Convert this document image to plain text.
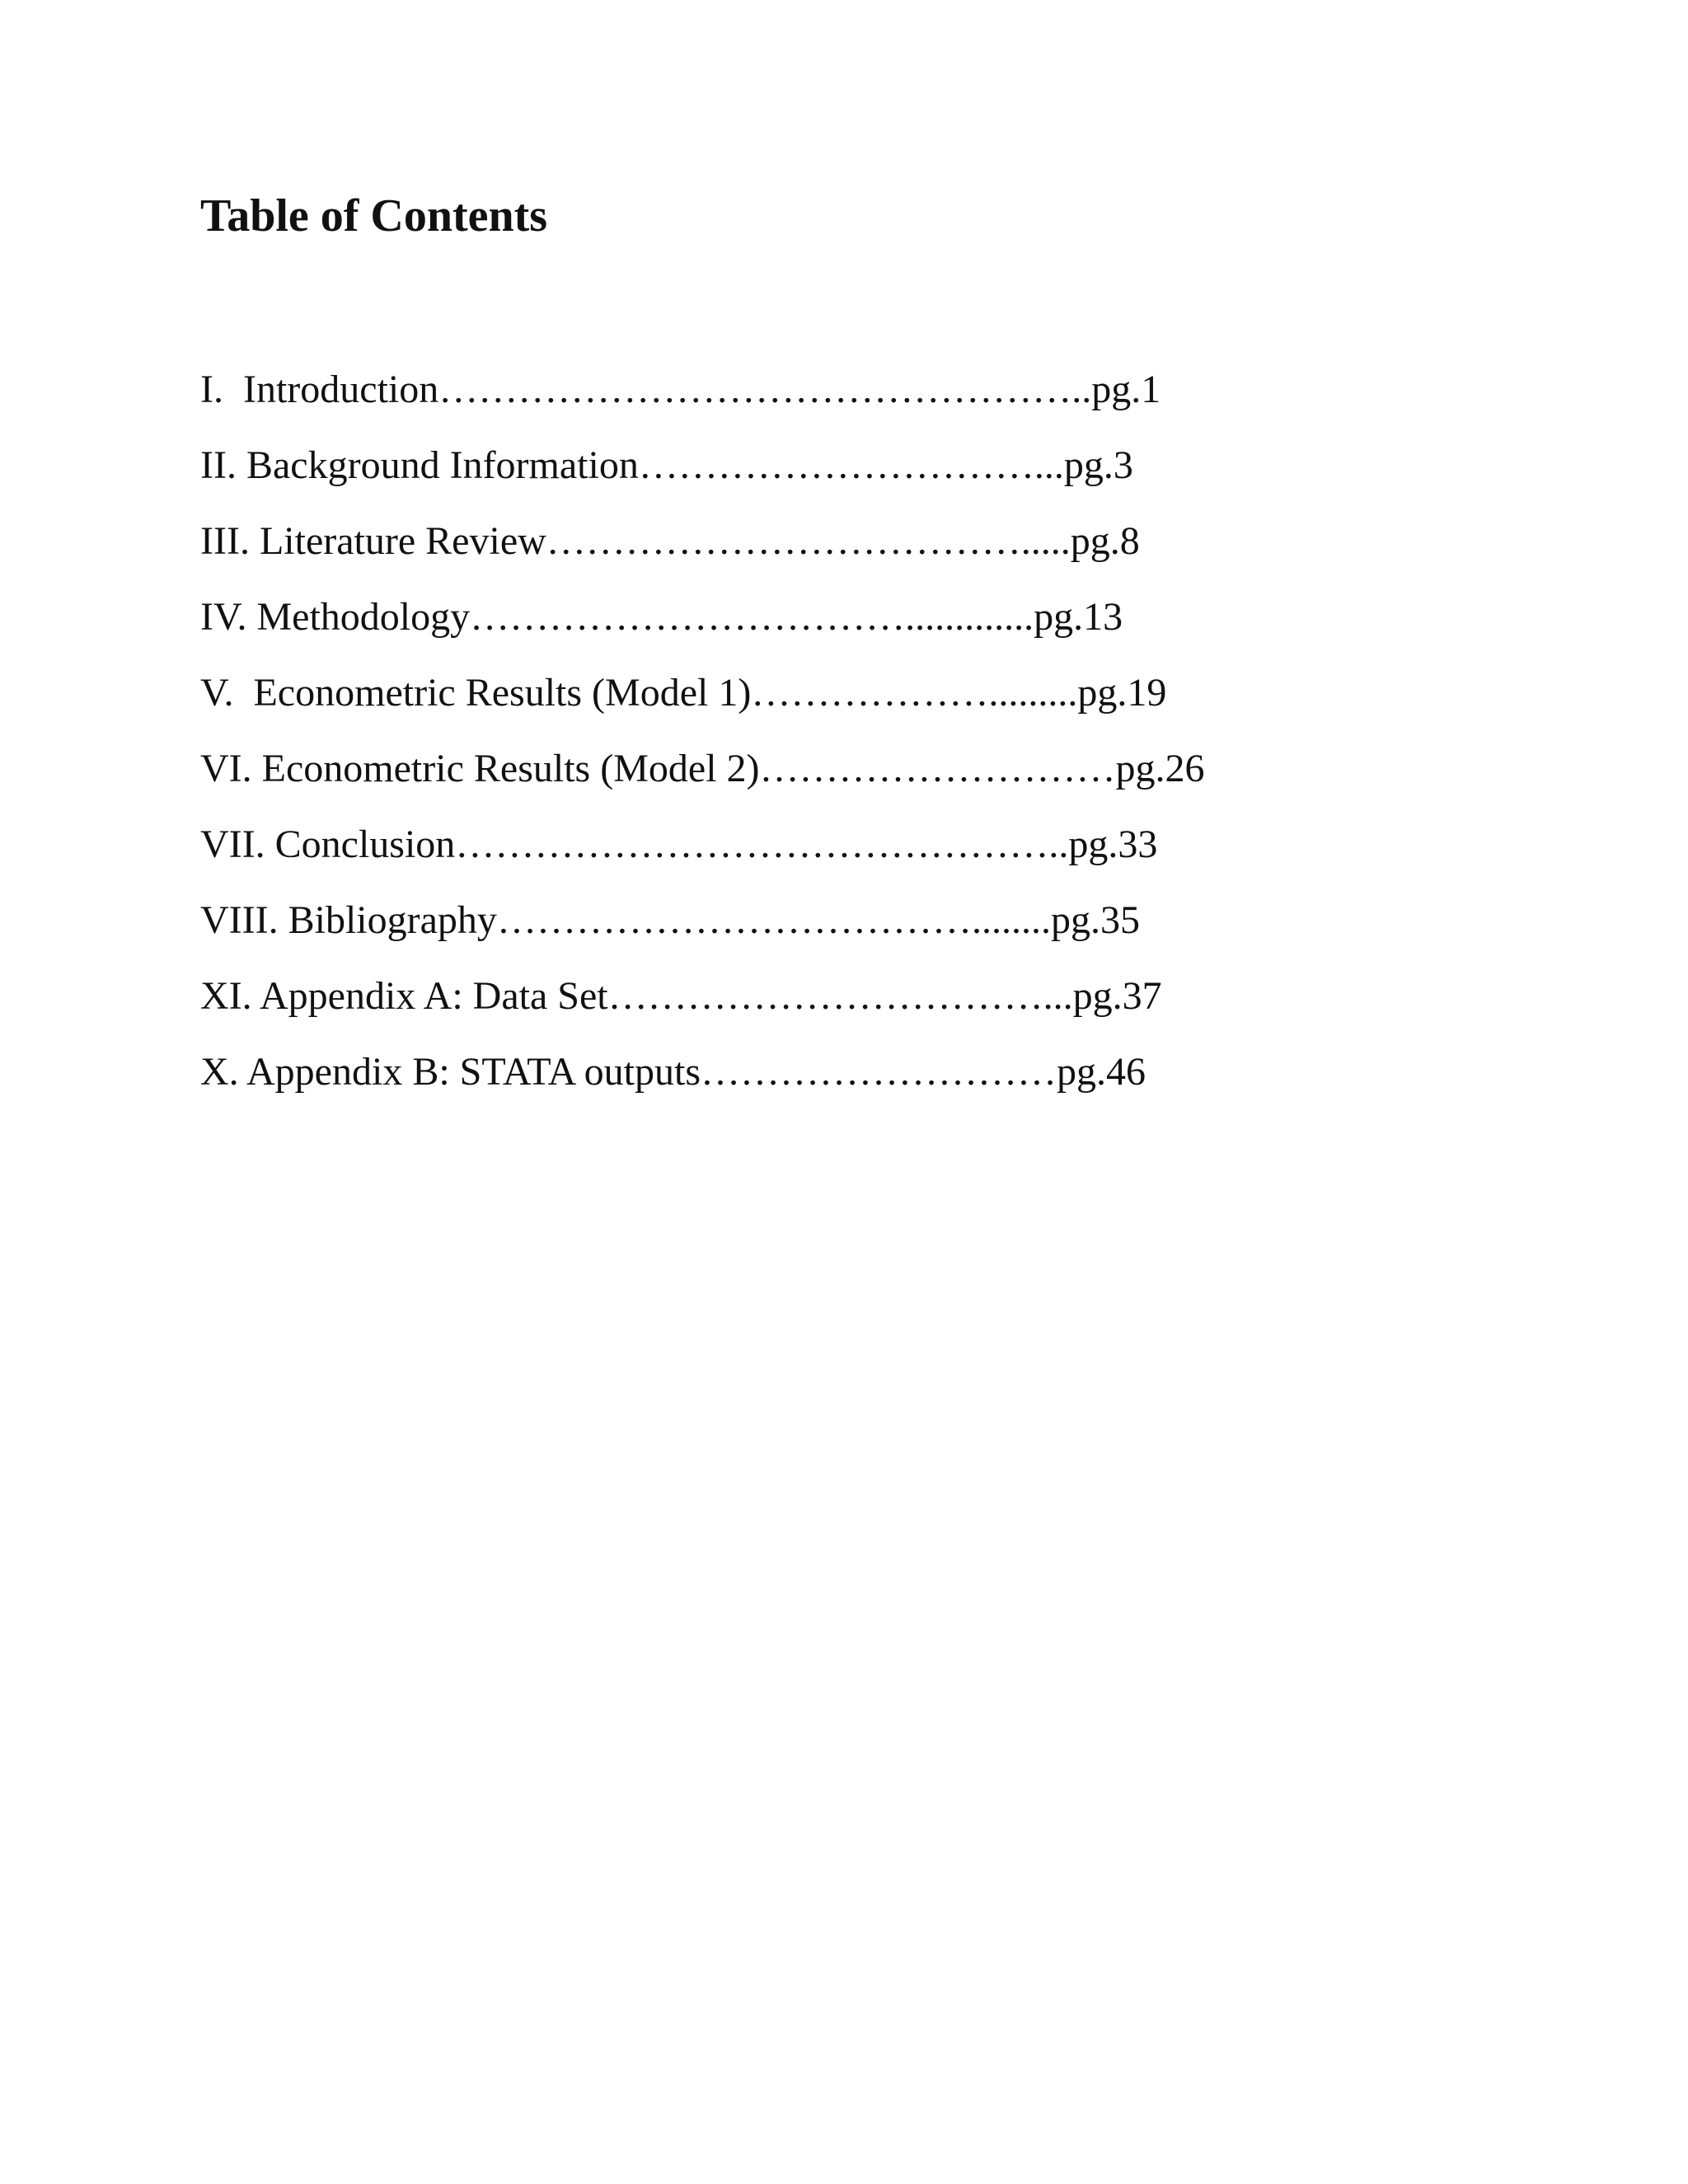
Table of Contents
I.  Introduction…………………………………………..pg.1
II. Background Information…………………………...pg.3
III. Literature Review……………………………….....pg.8
IV. Methodology…………………………….............pg.13
V.  Econometric Results (Model 1)……………….........pg.19
VI. Econometric Results (Model 2)………………………pg.26
VII. Conclusion………………………………………..pg.33
VIII. Bibliography………………………………........pg.35
XI. Appendix A: Data Set……………………………...pg.37
X. Appendix B: STATA outputs………………………pg.46
